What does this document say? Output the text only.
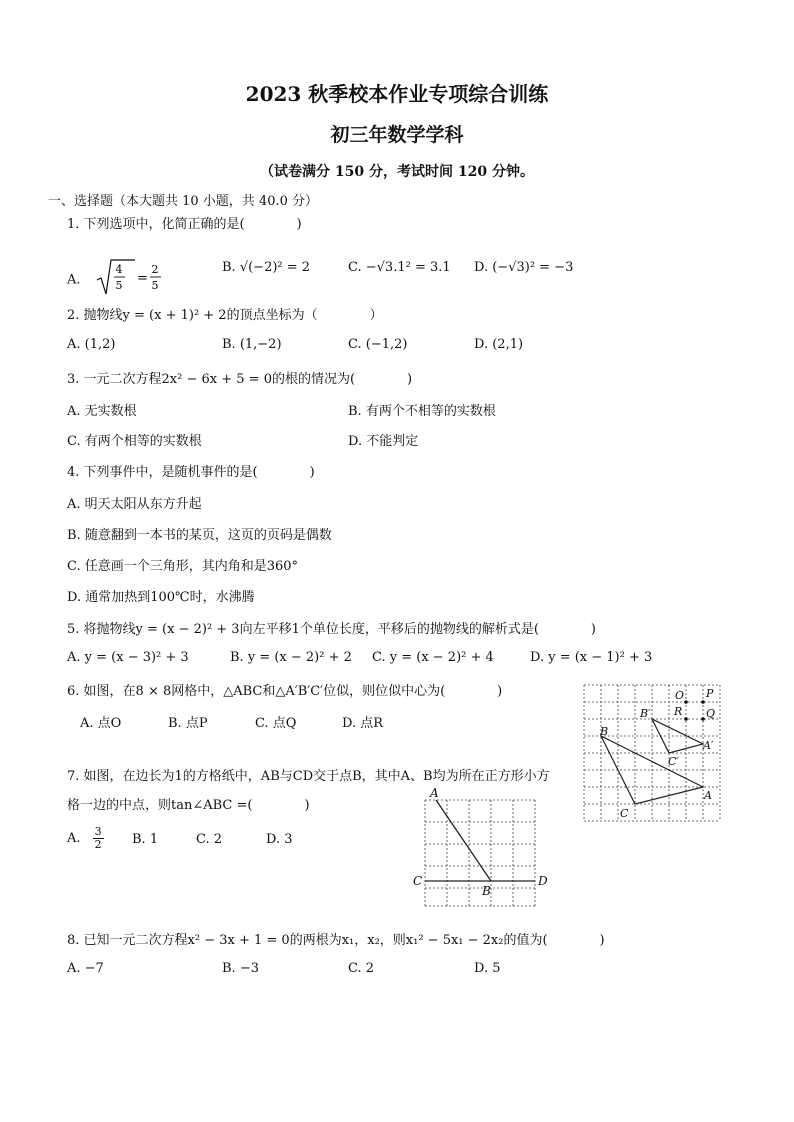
2023 秋季校本作业专项综合训练
初三年数学学科
（试卷满分 150 分，考试时间 120 分钟。
一、选择题（本大题共 10 小题，共 40.0 分）
1. 下列选项中，化简正确的是(　　　　)
A.
4
5 =
2
5
B. √(−2)² = 2	C. −√3.1² = 3.1 D. (−√3)² = −3
2. 抛物线y = (x + 1)² + 2的顶点坐标为（　　　　）
A. (1,2)	B. (1,−2)	C. (−1,2)	D. (2,1)
3. 一元二次方程2x² − 6x + 5 = 0的根的情况为(　　　　)
A. 无实数根	B. 有两个不相等的实数根
C. 有两个相等的实数根	D. 不能判定
4. 下列事件中，是随机事件的是(　　　　)
A. 明天太阳从东方升起
B. 随意翻到一本书的某页，这页的页码是偶数
C. 任意画一个三角形，其内角和是360°
D. 通常加热到100℃时，水沸腾
5. 将抛物线y = (x − 2)² + 3向左平移1个单位长度，平移后的抛物线的解析式是(　　　　)
A. y = (x − 3)² + 3	B. y = (x − 2)² + 2 C. y = (x − 2)² + 4	D. y = (x − 1)² + 3
6. 如图，在8 × 8网格中，△ABC和△A′B′C′位似，则位似中心为(　　　　)
A. 点O	B. 点P	C. 点Q	D. 点R
O P
R Q
B′
B
C′
A′
A
C
7. 如图，在边长为1的方格纸中，AB与CD交于点B，其中A、B均为所在正方形小方
格一边的中点，则tan∠ABC =(　　　　)
A. $\frac{3}{2} B$. 1	C. 2	D. 3
A
C
B
D
8. 已知一元二次方程x² − 3x + 1 = 0的两根为x₁，x₂，则x₁² − 5x₁ − 2x₂的值为(　　　　)
A. −7	B. −3	C. 2	D. 5
